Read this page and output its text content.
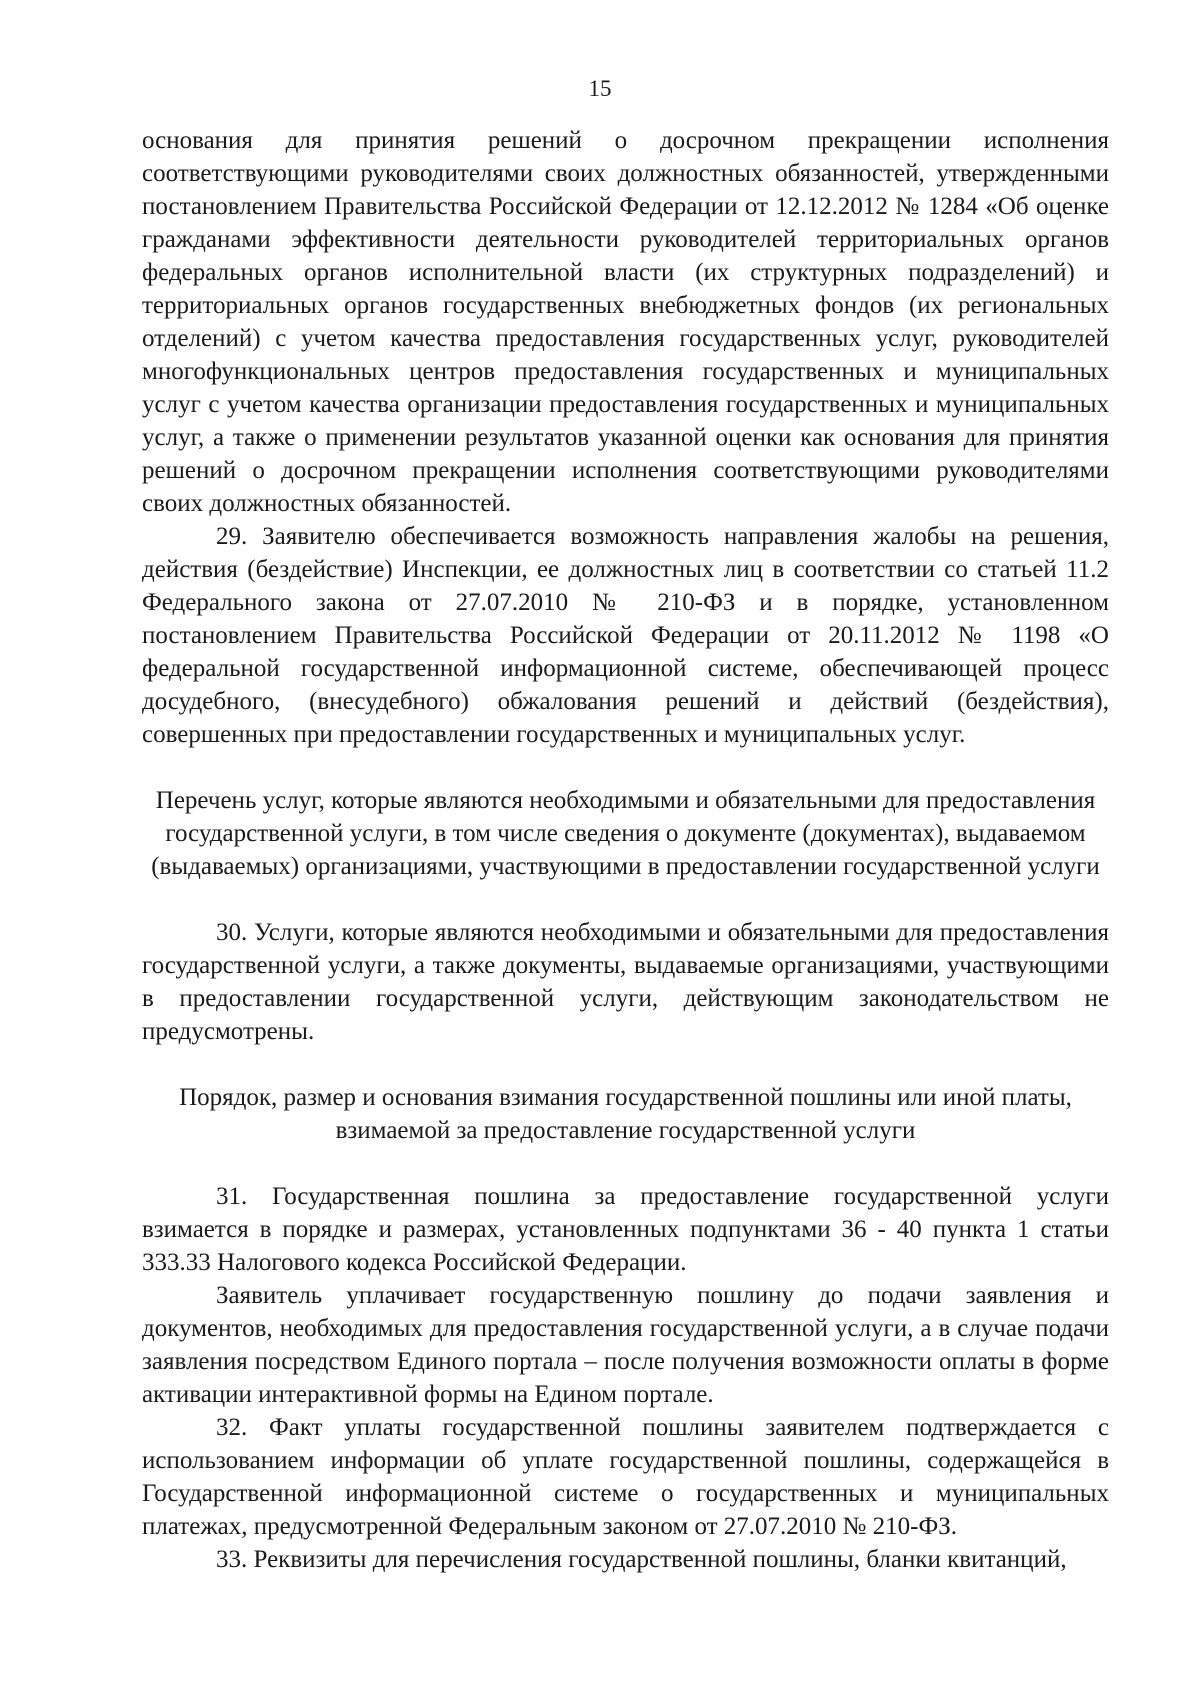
15

основания для принятия решений о досрочном прекращении исполнения соответствующими руководителями своих должностных обязанностей, утвержденными постановлением Правительства Российской Федерации от 12.12.2012 № 1284 «Об оценке гражданами эффективности деятельности руководителей территориальных органов федеральных органов исполнительной власти (их структурных подразделений) и территориальных органов государственных внебюджетных фондов (их региональных отделений) с учетом качества предоставления государственных услуг, руководителей многофункциональных центров предоставления государственных и муниципальных услуг с учетом качества организации предоставления государственных и муниципальных услуг, а также о применении результатов указанной оценки как основания для принятия решений о досрочном прекращении исполнения соответствующими руководителями своих должностных обязанностей.

29. Заявителю обеспечивается возможность направления жалобы на решения, действия (бездействие) Инспекции, ее должностных лиц в соответствии со статьей 11.2 Федерального закона от 27.07.2010 № 210-ФЗ и в порядке, установленном постановлением Правительства Российской Федерации от 20.11.2012 № 1198 «О федеральной государственной информационной системе, обеспечивающей процесс досудебного, (внесудебного) обжалования решений и действий (бездействия), совершенных при предоставлении государственных и муниципальных услуг.

Перечень услуг, которые являются необходимыми и обязательными для предоставления государственной услуги, в том числе сведения о документе (документах), выдаваемом (выдаваемых) организациями, участвующими в предоставлении государственной услуги

30. Услуги, которые являются необходимыми и обязательными для предоставления государственной услуги, а также документы, выдаваемые организациями, участвующими в предоставлении государственной услуги, действующим законодательством не предусмотрены.

Порядок, размер и основания взимания государственной пошлины или иной платы, взимаемой за предоставление государственной услуги

31. Государственная пошлина за предоставление государственной услуги взимается в порядке и размерах, установленных подпунктами 36 - 40 пункта 1 статьи 333.33 Налогового кодекса Российской Федерации.

Заявитель уплачивает государственную пошлину до подачи заявления и документов, необходимых для предоставления государственной услуги, а в случае подачи заявления посредством Единого портала – после получения возможности оплаты в форме активации интерактивной формы на Едином портале.

32. Факт уплаты государственной пошлины заявителем подтверждается с использованием информации об уплате государственной пошлины, содержащейся в Государственной информационной системе о государственных и муниципальных платежах, предусмотренной Федеральным законом от 27.07.2010 № 210-ФЗ.

33. Реквизиты для перечисления государственной пошлины, бланки квитанций,
